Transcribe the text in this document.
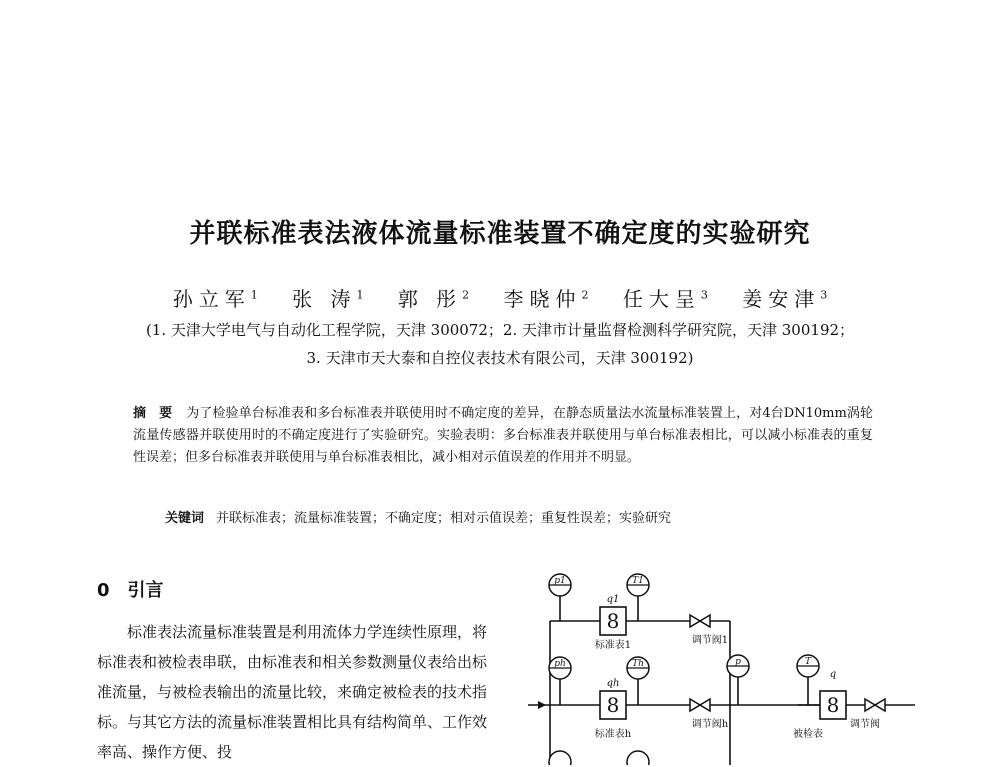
并联标准表法液体流量标准装置不确定度的实验研究
孙立军$^1$ 张 涛$^1$ 郭 彤$^2$ 李晓仲$^2$ 任大呈$^3$ 姜安津$^3$
(1. 天津大学电气与自动化工程学院，天津 300072；2. 天津市计量监督检测科学研究院，天津 300192；
3. 天津市天大泰和自控仪表技术有限公司，天津 300192)
摘　要 为了检验单台标准表和多台标准表并联使用时不确定度的差异，在静态质量法水流量标准装置上，对4台DN10mm涡轮流量传感器并联使用时的不确定度进行了实验研究。实验表明：多台标准表并联使用与单台标准表相比，可以减小标准表的重复性误差；但多台标准表并联使用与单台标准表相比，减小相对示值误差的作用并不明显。
关键词 并联标准表；流量标准装置；不确定度；相对示值误差；重复性误差；实验研究
0　引言

标准表法流量标准装置是利用流体力学连续性原理，将标准表和被检表串联，由标准表和相关参数测量仪表给出标准流量，与被检表输出的流量比较，来确定被检表的技术指标。与其它方法的流量标准装置相比具有结构简单、工作效率高、操作方便、投

p1	T1
ph	Th	p	T
8
q1
标准表1
8
qh
标准表h
8
q
被检表
调节阀1
调节阀h	调节阀
